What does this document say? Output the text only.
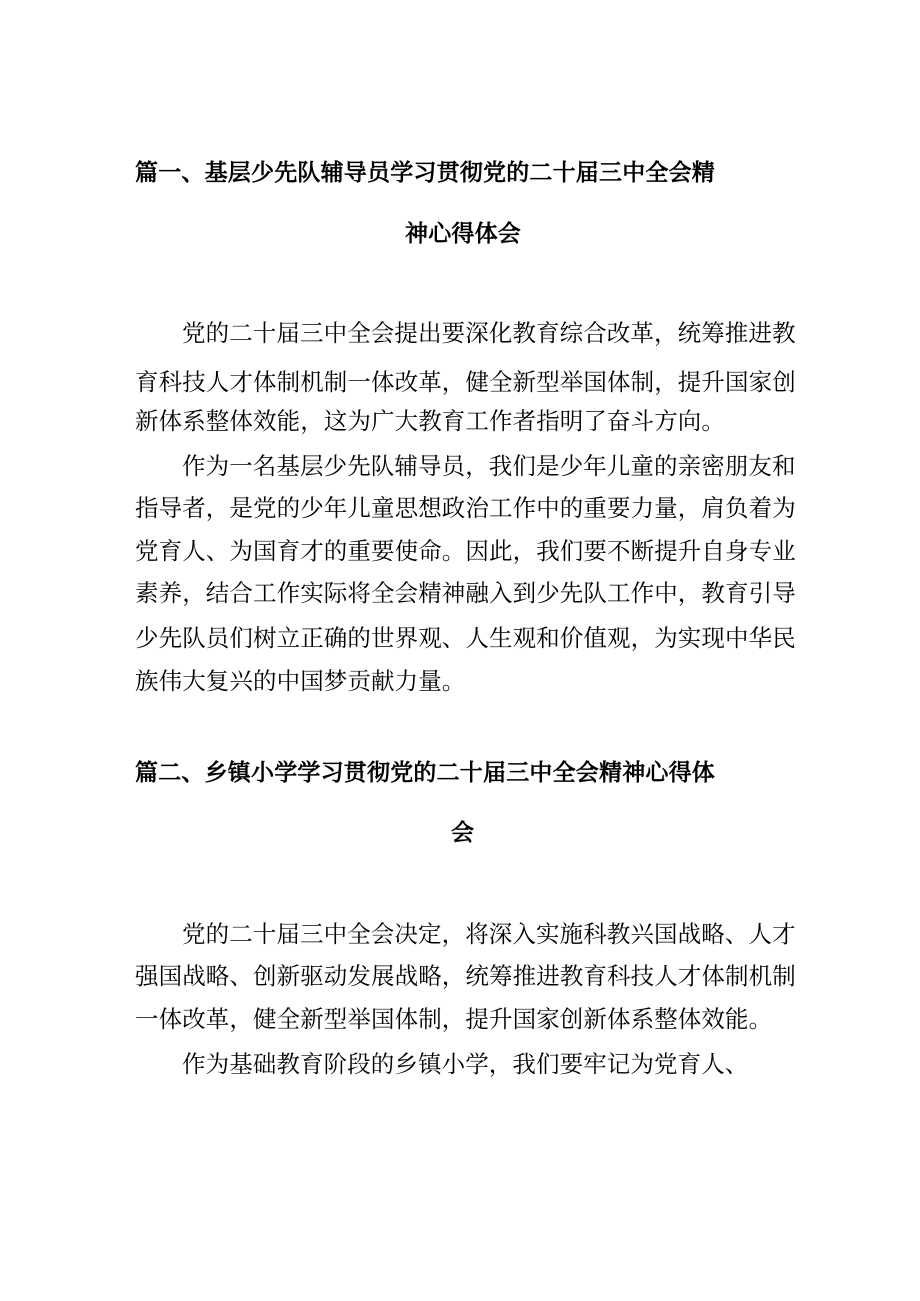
篇一、基层少先队辅导员学习贯彻党的二十届三中全会精
神心得体会
党的二十届三中全会提出要深化教育综合改革，统筹推进教
育科技人才体制机制一体改革，健全新型举国体制，提升国家创
新体系整体效能，这为广大教育工作者指明了奋斗方向。
作为一名基层少先队辅导员，我们是少年儿童的亲密朋友和
指导者，是党的少年儿童思想政治工作中的重要力量，肩负着为
党育人、为国育才的重要使命。因此，我们要不断提升自身专业
素养，结合工作实际将全会精神融入到少先队工作中，教育引导
少先队员们树立正确的世界观、人生观和价值观，为实现中华民
族伟大复兴的中国梦贡献力量。
篇二、乡镇小学学习贯彻党的二十届三中全会精神心得体
会
党的二十届三中全会决定，将深入实施科教兴国战略、人才
强国战略、创新驱动发展战略，统筹推进教育科技人才体制机制
一体改革，健全新型举国体制，提升国家创新体系整体效能。
作为基础教育阶段的乡镇小学，我们要牢记为党育人、
